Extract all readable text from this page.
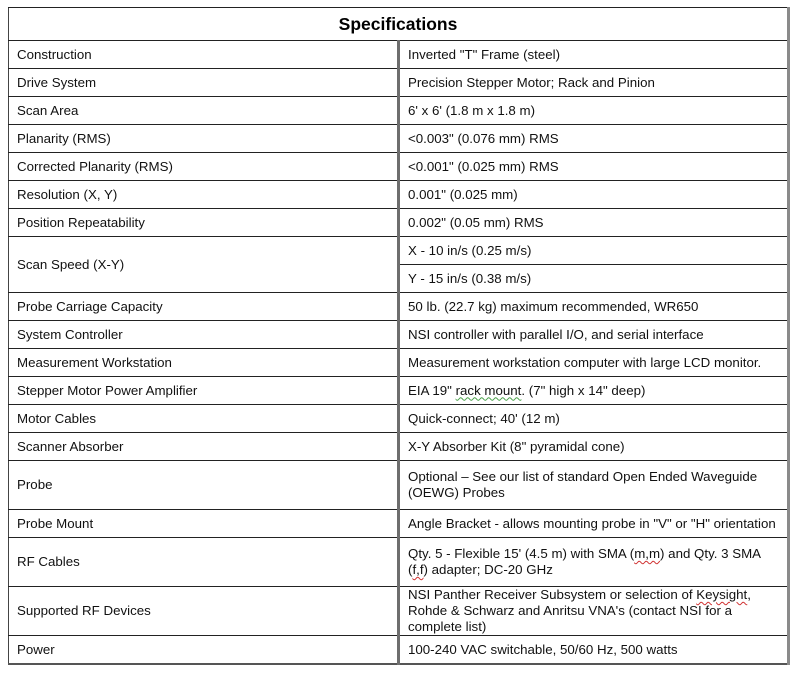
Specifications	
Construction	Inverted "T" Frame (steel)
Drive System	Precision Stepper Motor; Rack and Pinion
Scan Area	6' x 6' (1.8 m x 1.8 m)
Planarity (RMS)	<0.003" (0.076 mm) RMS
Corrected Planarity (RMS)	<0.001" (0.025 mm) RMS
Resolution (X, Y)	0.001" (0.025 mm)
Position Repeatability	0.002" (0.05 mm) RMS
Scan Speed (X-Y)	X - 10 in/s (0.25 m/s)
	Y - 15 in/s (0.38 m/s)
Probe Carriage Capacity	50 lb. (22.7 kg) maximum recommended, WR650
System Controller	NSI controller with parallel I/O, and serial interface
Measurement Workstation	Measurement workstation computer with large LCD monitor.
Stepper Motor Power Amplifier	EIA 19" rack mount. (7" high x 14" deep)
Motor Cables	Quick-connect; 40' (12 m)
Scanner Absorber	X-Y Absorber Kit (8" pyramidal cone)
Probe	Optional – See our list of standard Open Ended Waveguide (OEWG) Probes
Probe Mount	Angle Bracket - allows mounting probe in "V" or "H" orientation
RF Cables	Qty. 5 - Flexible 15' (4.5 m) with SMA (m,m) and Qty. 3 SMA (f,f) adapter; DC-20 GHz
Supported RF Devices	NSI Panther Receiver Subsystem or selection of Keysight, Rohde & Schwarz and Anritsu VNA's (contact NSI for a complete list)
Power	100-240 VAC switchable, 50/60 Hz, 500 watts
